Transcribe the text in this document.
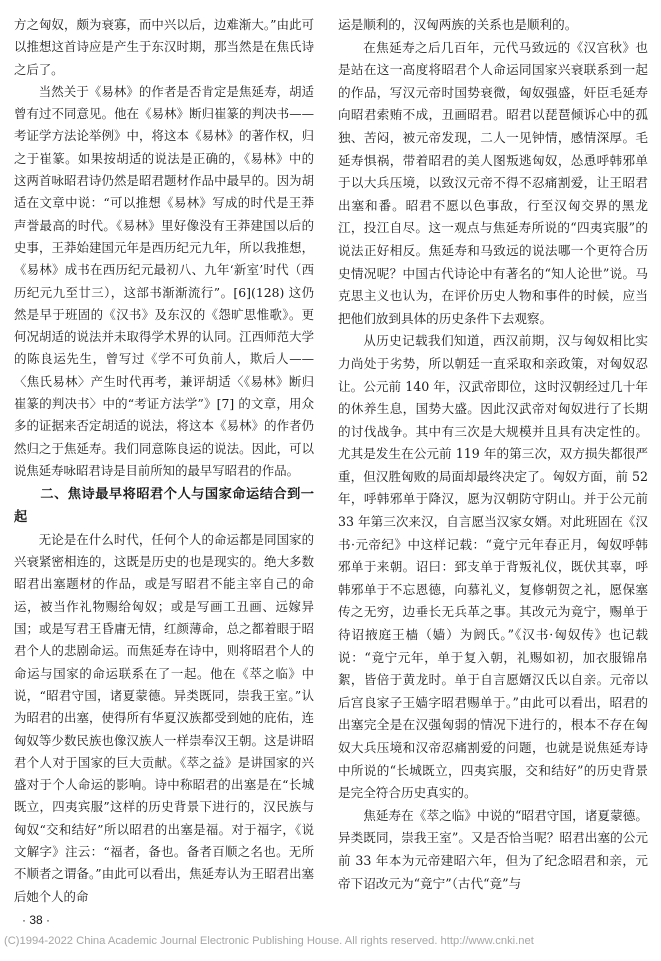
方之匈奴，颇为衰寡，而中兴以后，边难渐大。”由此可以推想这首诗应是产生于东汉时期，那当然是在焦氏诗之后了。

当然关于《易林》的作者是否肯定是焦延寿，胡适曾有过不同意见。他在《易林》断归崔篆的判决书——考证学方法论举例》中，将这本《易林》的著作权，归之于崔篆。如果按胡适的说法是正确的，《易林》中的这两首咏昭君诗仍然是昭君题材作品中最早的。因为胡适在文章中说：“可以推想《易林》写成的时代是王莽声誉最高的时代。《易林》里好像没有王莽建国以后的史事，王莽始建国元年是西历纪元九年，所以我推想，《易林》成书在西历纪元最初八、九年‘新室’时代（西历纪元九至廿三），这部书渐渐流行”。[6](128) 这仍然是早于班固的《汉书》及东汉的《怨旷思惟歌》。更何况胡适的说法并未取得学术界的认同。江西师范大学的陈良运先生，曾写过《学不可负前人，欺后人——〈焦氏易林〉产生时代再考，兼评胡适〈《易林》断归崔篆的判决书〉中的“考证方法学”》[7] 的文章，用众多的证据来否定胡适的说法，将这本《易林》的作者仍然归之于焦延寿。我们同意陈良运的说法。因此，可以说焦延寿咏昭君诗是目前所知的最早写昭君的作品。

二、焦诗最早将昭君个人与国家命运结合到一起

无论是在什么时代，任何个人的命运都是同国家的兴衰紧密相连的，这既是历史的也是现实的。绝大多数昭君出塞题材的作品，或是写昭君不能主宰自己的命运，被当作礼物赐给匈奴；或是写画工丑画、远嫁异国；或是写君王昏庸无情，红颜薄命，总之都着眼于昭君个人的悲剧命运。而焦延寿在诗中，则将昭君个人的命运与国家的命运联系在了一起。他在《萃之临》中说，“昭君守国，诸夏蒙德。异类既同，崇我王室。”认为昭君的出塞，使得所有华夏汉族都受到她的庇佑，连匈奴等少数民族也像汉族人一样崇奉汉王朝。这是讲昭君个人对于国家的巨大贡献。《萃之益》是讲国家的兴盛对于个人命运的影响。诗中称昭君的出塞是在“长城既立，四夷宾服”这样的历史背景下进行的，汉民族与匈奴“交和结好”所以昭君的出塞是福。对于福字，《说文解字》注云：“福者，备也。备者百顺之名也。无所不顺者之谓备。”由此可以看出，焦延寿认为王昭君出塞后她个人的命

运是顺利的，汉匈两族的关系也是顺利的。

在焦延寿之后几百年，元代马致远的《汉宫秋》也是站在这一高度将昭君个人命运同国家兴衰联系到一起的作品，写汉元帝时国势衰微，匈奴强盛，奸臣毛延寿向昭君索贿不成，丑画昭君。昭君以琵琶倾诉心中的孤独、苦闷，被元帝发现，二人一见钟情，感情深厚。毛延寿惧祸，带着昭君的美人图叛逃匈奴，怂恿呼韩邪单于以大兵压境，以致汉元帝不得不忍痛割爱，让王昭君出塞和番。昭君不愿以色事敌，行至汉匈交界的黑龙江，投江自尽。这一观点与焦延寿所说的“四夷宾服”的说法正好相反。焦延寿和马致远的说法哪一个更符合历史情况呢？中国古代诗论中有著名的“知人论世”说。马克思主义也认为，在评价历史人物和事件的时候，应当把他们放到具体的历史条件下去观察。

从历史记载我们知道，西汉前期，汉与匈奴相比实力尚处于劣势，所以朝廷一直采取和亲政策，对匈奴忍让。公元前 140 年，汉武帝即位，这时汉朝经过几十年的休养生息，国势大盛。因此汉武帝对匈奴进行了长期的讨伐战争。其中有三次是大规模并且具有决定性的。尤其是发生在公元前 119 年的第三次，双方损失都很严重，但汉胜匈败的局面却最终决定了。匈奴方面，前 52 年，呼韩邪单于降汉，愿为汉朝防守阴山。并于公元前 33 年第三次来汉，自言愿当汉家女婿。对此班固在《汉书·元帝纪》中这样记载：“竟宁元年春正月，匈奴呼韩邪单于来朝。诏曰：郅支单于背叛礼仪，既伏其辜，呼韩邪单于不忘恩德，向慕礼义，复修朝贺之礼，愿保塞传之无穷，边垂长无兵革之事。其改元为竟宁，赐单于待诏掖庭王樯（嫱）为阏氏。”《汉书·匈奴传》也记载说：“竟宁元年，单于复入朝，礼赐如初，加衣服锦帛絮，皆倍于黄龙时。单于自言愿婿汉氏以自亲。元帝以后宫良家子王嫱字昭君赐单于。”由此可以看出，昭君的出塞完全是在汉强匈弱的情况下进行的，根本不存在匈奴大兵压境和汉帝忍痛割爱的问题，也就是说焦延寿诗中所说的“长城既立，四夷宾服，交和结好”的历史背景是完全符合历史真实的。

焦延寿在《萃之临》中说的“昭君守国，诸夏蒙德。异类既同，崇我王室”。又是否恰当呢？昭君出塞的公元前 33 年本为元帝建昭六年，但为了纪念昭君和亲，元帝下诏改元为“竟宁”（古代“竟”与

· 38 ·
(C)1994-2022 China Academic Journal Electronic Publishing House. All rights reserved. http://www.cnki.net
